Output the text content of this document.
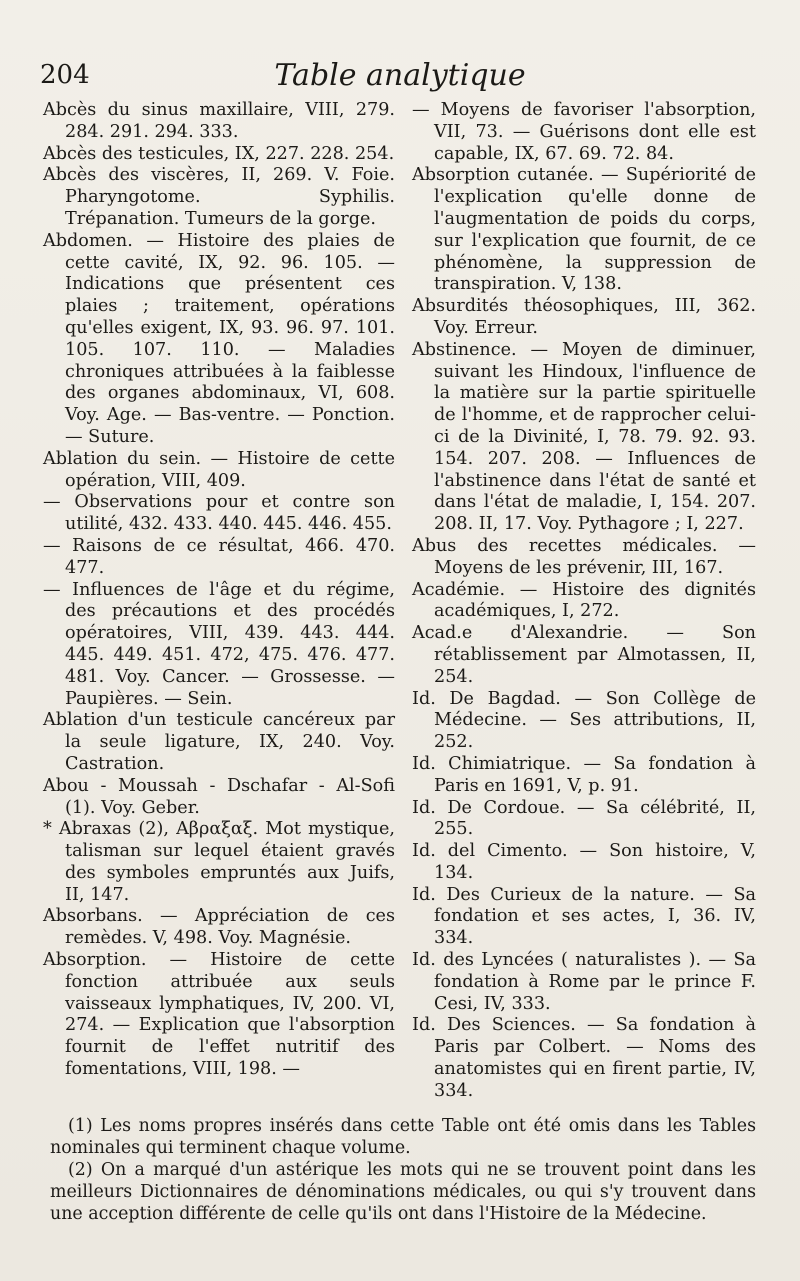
204	Table analytique

Abcès du sinus maxillaire, VIII, 279. 284. 291. 294. 333.

Abcès des testicules, IX, 227. 228. 254.

Abcès des viscères, II, 269. V. Foie. Pharyngotome. Syphilis. Trépanation. Tumeurs de la gorge.

Abdomen. — Histoire des plaies de cette cavité, IX, 92. 96. 105. — Indications que présentent ces plaies ; traitement, opérations qu'elles exigent, IX, 93. 96. 97. 101. 105. 107. 110. — Maladies chroniques attribuées à la faiblesse des organes abdominaux, VI, 608. Voy. Age. — Bas-ventre. — Ponction. — Suture.

Ablation du sein. — Histoire de cette opération, VIII, 409.

— Observations pour et contre son utilité, 432. 433. 440. 445. 446. 455.

— Raisons de ce résultat, 466. 470. 477.

— Influences de l'âge et du régime, des précautions et des procédés opératoires, VIII, 439. 443. 444. 445. 449. 451. 472, 475. 476. 477. 481. Voy. Cancer. — Grossesse. — Paupières. — Sein.

Ablation d'un testicule cancéreux par la seule ligature, IX, 240. Voy. Castration.

Abou - Moussah - Dschafar - Al-Sofi (1). Voy. Geber.

* Abraxas (2), Αβραξαξ. Mot mystique, talisman sur lequel étaient gravés des symboles empruntés aux Juifs, II, 147.

Absorbans. — Appréciation de ces remèdes. V, 498. Voy. Magnésie.

Absorption. — Histoire de cette fonction attribuée aux seuls vaisseaux lymphatiques, IV, 200. VI, 274. — Explication que l'absorption fournit de l'effet nutritif des fomentations, VIII, 198. —

— Moyens de favoriser l'absorption, VII, 73. — Guérisons dont elle est capable, IX, 67. 69. 72. 84.

Absorption cutanée. — Supériorité de l'explication qu'elle donne de l'augmentation de poids du corps, sur l'explication que fournit, de ce phénomène, la suppression de transpiration. V, 138.

Absurdités théosophiques, III, 362. Voy. Erreur.

Abstinence. — Moyen de diminuer, suivant les Hindoux, l'influence de la matière sur la partie spirituelle de l'homme, et de rapprocher celui-ci de la Divinité, I, 78. 79. 92. 93. 154. 207. 208. — Influences de l'abstinence dans l'état de santé et dans l'état de maladie, I, 154. 207. 208. II, 17. Voy. Pythagore ; I, 227.

Abus des recettes médicales. — Moyens de les prévenir, III, 167.

Académie. — Histoire des dignités académiques, I, 272.

Acad.e d'Alexandrie. — Son rétablissement par Almotassen, II, 254.

Id. De Bagdad. — Son Collège de Médecine. — Ses attributions, II, 252.

Id. Chimiatrique. — Sa fondation à Paris en 1691, V, p. 91.

Id. De Cordoue. — Sa célébrité, II, 255.

Id. del Cimento. — Son histoire, V, 134.

Id. Des Curieux de la nature. — Sa fondation et ses actes, I, 36. IV, 334.

Id. des Lyncées ( naturalistes ). — Sa fondation à Rome par le prince F. Cesi, IV, 333.

Id. Des Sciences. — Sa fondation à Paris par Colbert. — Noms des anatomistes qui en firent partie, IV, 334.

(1) Les noms propres insérés dans cette Table ont été omis dans les Tables nominales qui terminent chaque volume.

(2) On a marqué d'un astérique les mots qui ne se trouvent point dans les meilleurs Dictionnaires de dénominations médicales, ou qui s'y trouvent dans une acception différente de celle qu'ils ont dans l'Histoire de la Médecine.
